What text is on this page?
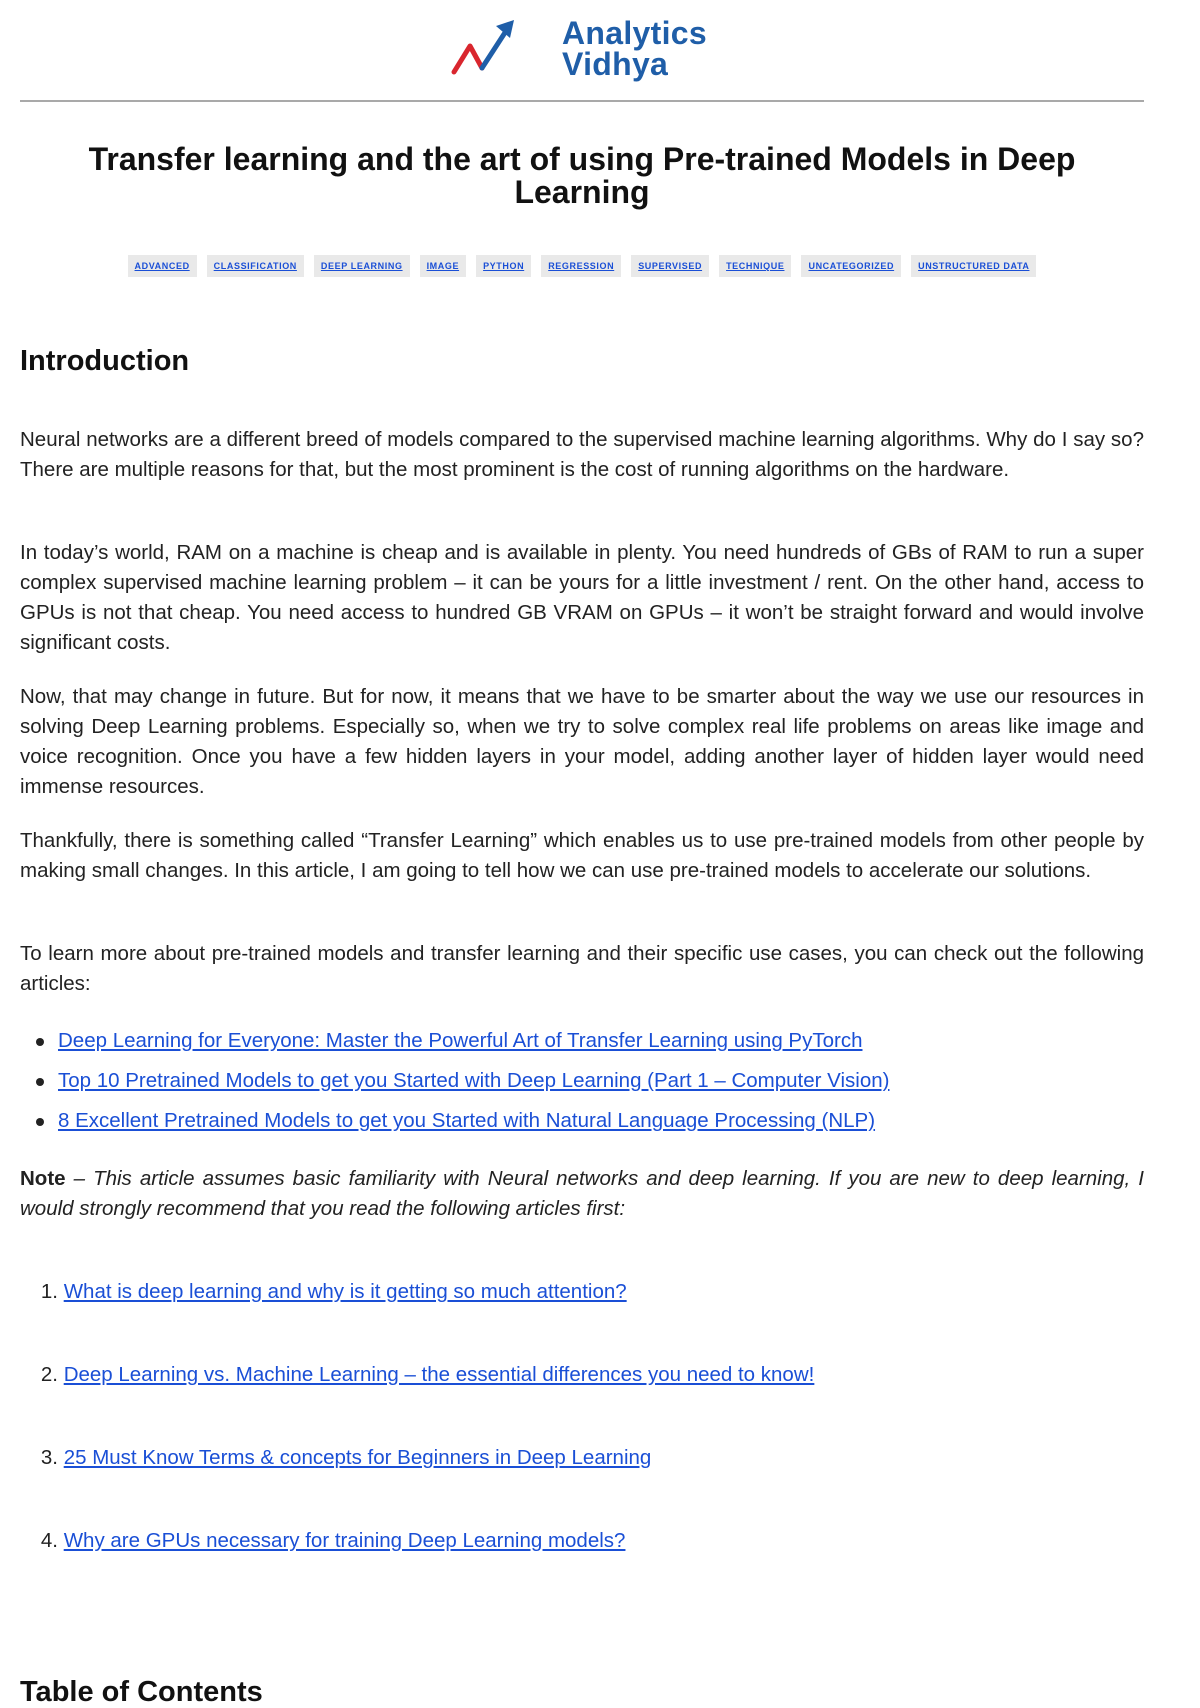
Analytics
Vidhya
Transfer learning and the art of using Pre-trained Models in Deep Learning
ADVANCED	CLASSIFICATION	DEEP LEARNING	IMAGE	PYTHON	REGRESSION	SUPERVISED	TECHNIQUE	UNCATEGORIZED	UNSTRUCTURED DATA
Introduction

Neural networks are a different breed of models compared to the supervised machine learning algorithms. Why do I say so? There are multiple reasons for that, but the most prominent is the cost of running algorithms on the hardware.

In today’s world, RAM on a machine is cheap and is available in plenty. You need hundreds of GBs of RAM to run a super complex supervised machine learning problem – it can be yours for a little investment / rent. On the other hand, access to GPUs is not that cheap. You need access to hundred GB VRAM on GPUs – it won’t be straight forward and would involve significant costs.

Now, that may change in future. But for now, it means that we have to be smarter about the way we use our resources in solving Deep Learning problems. Especially so, when we try to solve complex real life problems on areas like image and voice recognition. Once you have a few hidden layers in your model, adding another layer of hidden layer would need immense resources.

Thankfully, there is something called “Transfer Learning” which enables us to use pre-trained models from other people by making small changes. In this article, I am going to tell how we can use pre-trained models to accelerate our solutions.

To learn more about pre-trained models and transfer learning and their specific use cases, you can check out the following articles:

Deep Learning for Everyone: Master the Powerful Art of Transfer Learning using PyTorch
Top 10 Pretrained Models to get you Started with Deep Learning (Part 1 – Computer Vision)
8 Excellent Pretrained Models to get you Started with Natural Language Processing (NLP)

Note – This article assumes basic familiarity with Neural networks and deep learning. If you are new to deep learning, I would strongly recommend that you read the following articles first:

1. What is deep learning and why is it getting so much attention?
2. Deep Learning vs. Machine Learning – the essential differences you need to know!
3. 25 Must Know Terms & concepts for Beginners in Deep Learning
4. Why are GPUs necessary for training Deep Learning models?
Table of Contents
